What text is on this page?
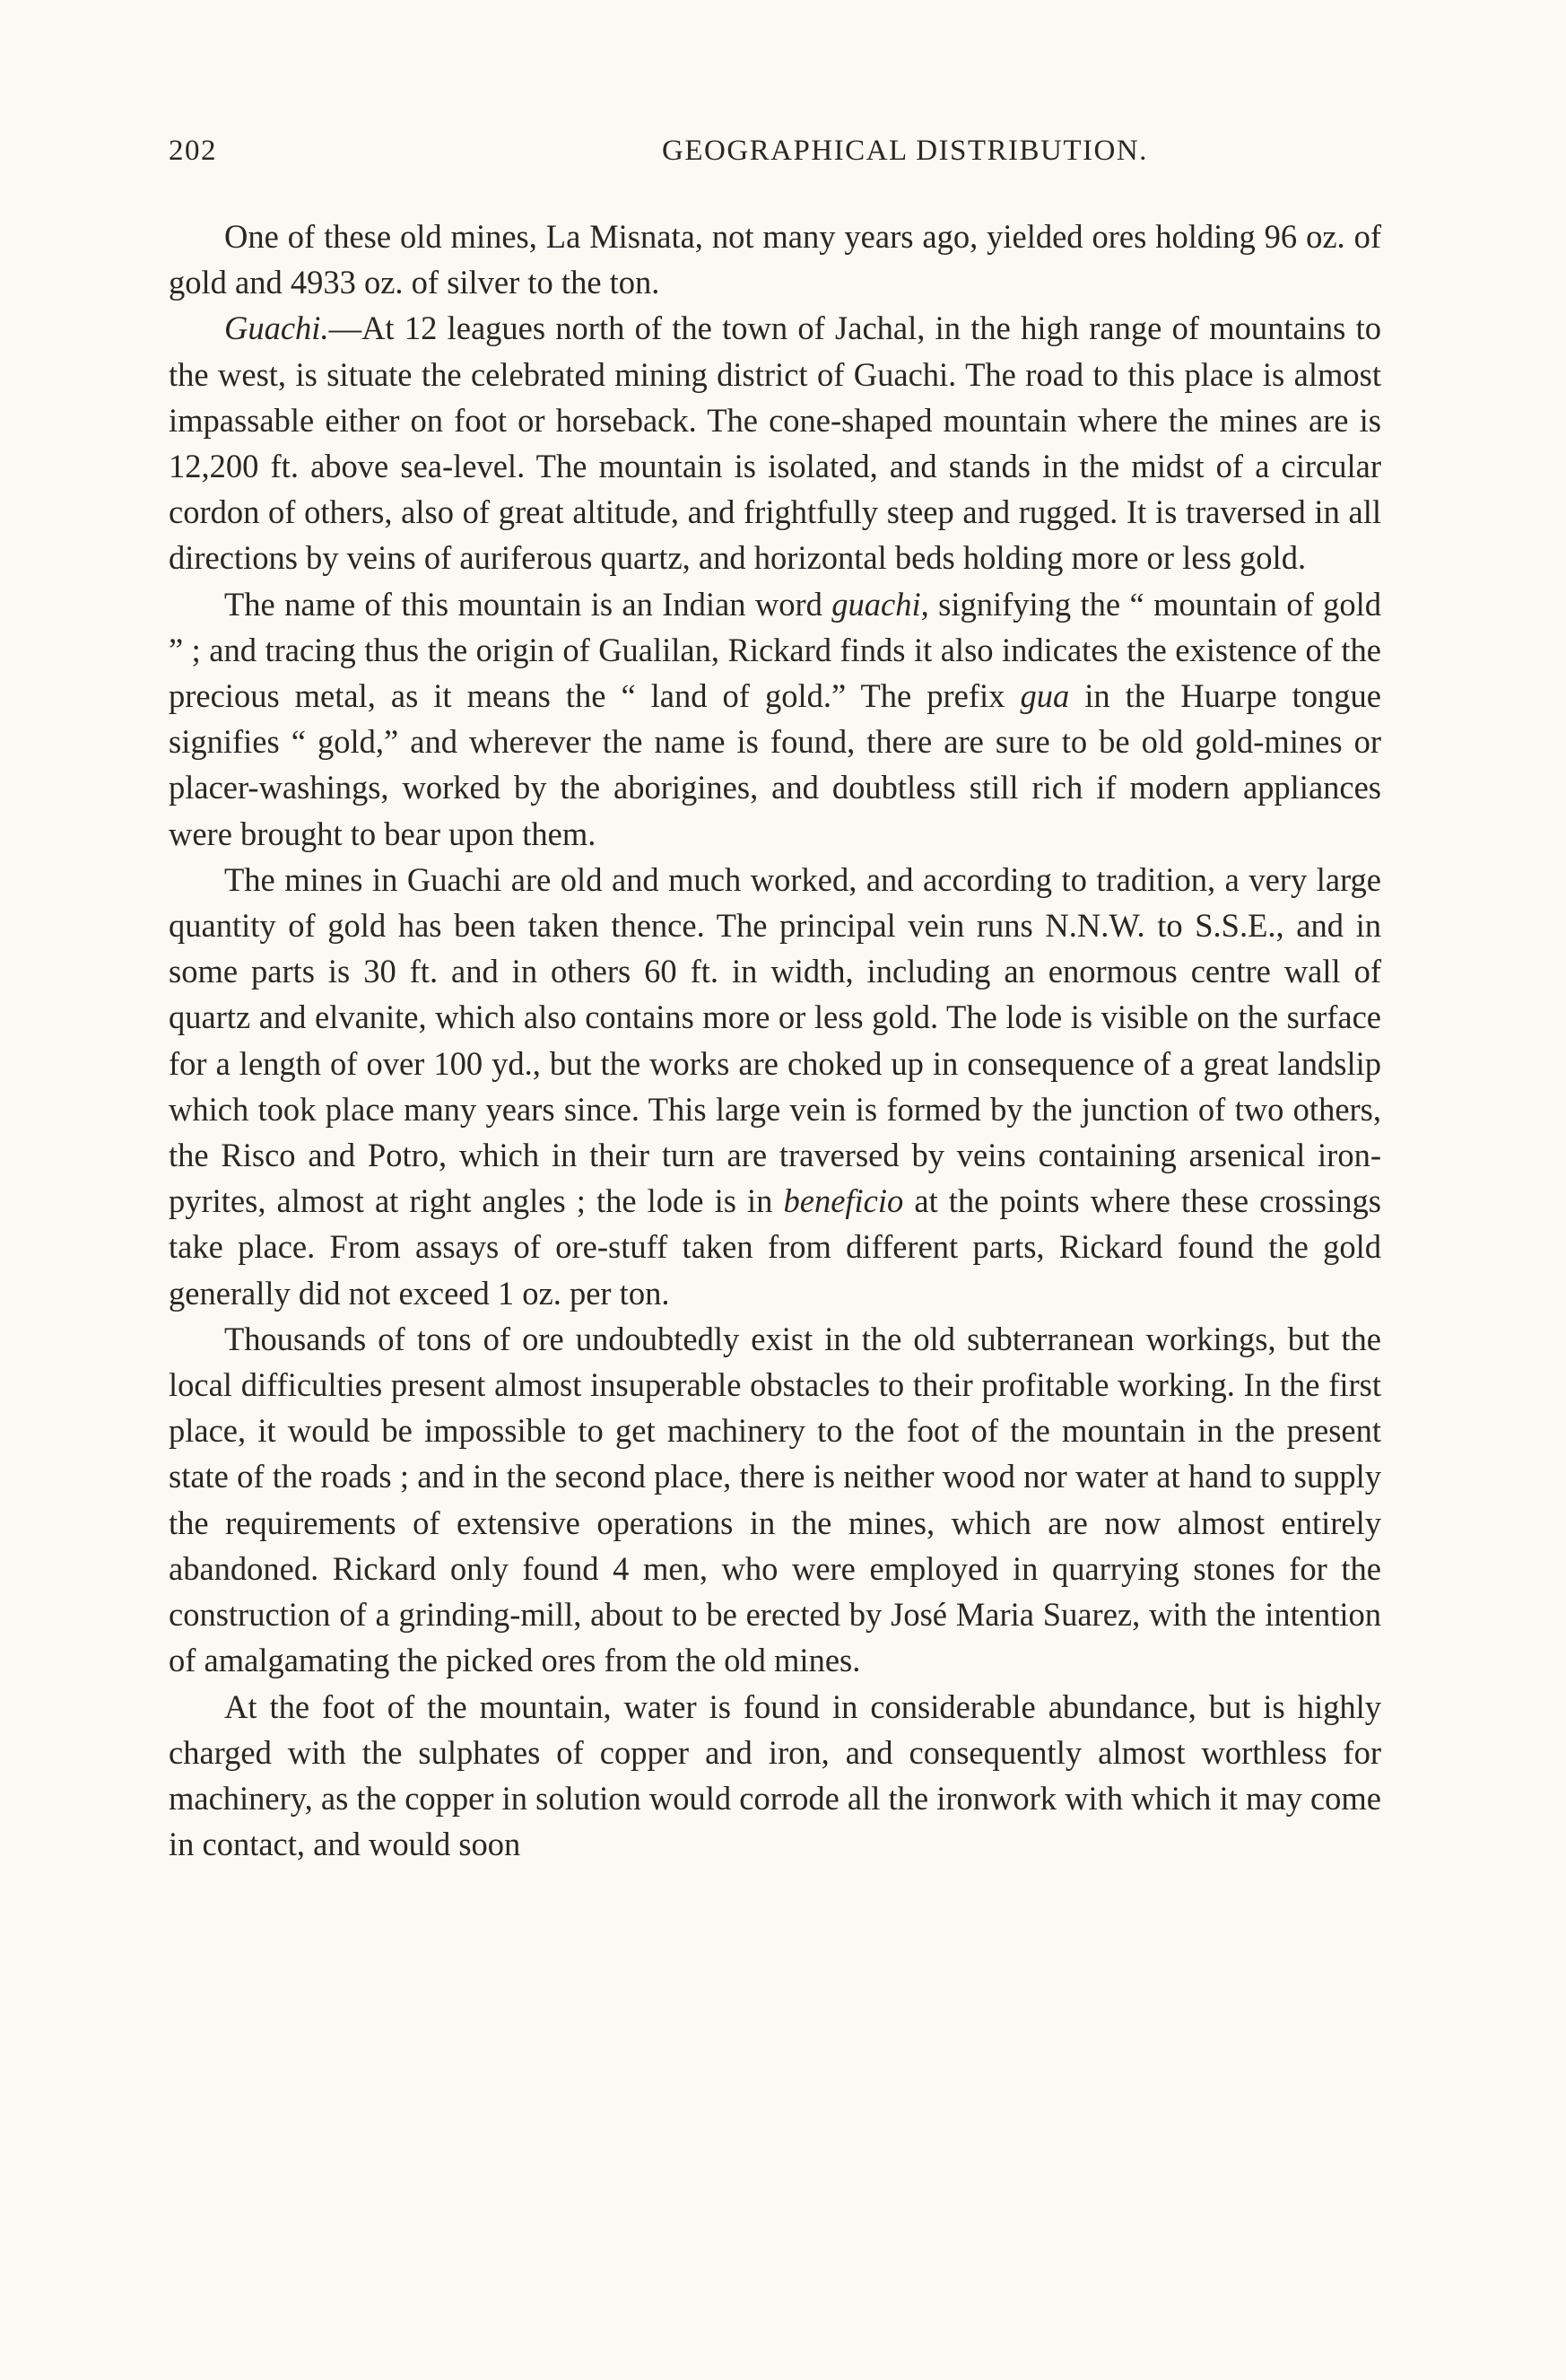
202	GEOGRAPHICAL DISTRIBUTION.

One of these old mines, La Misnata, not many years ago, yielded ores holding 96 oz. of gold and 4933 oz. of silver to the ton.

Guachi.—At 12 leagues north of the town of Jachal, in the high range of mountains to the west, is situate the celebrated mining district of Guachi. The road to this place is almost impassable either on foot or horseback. The cone-shaped mountain where the mines are is 12,200 ft. above sea-level. The mountain is isolated, and stands in the midst of a circular cordon of others, also of great altitude, and frightfully steep and rugged. It is traversed in all directions by veins of auriferous quartz, and horizontal beds holding more or less gold.

The name of this mountain is an Indian word guachi, signifying the “ mountain of gold ” ; and tracing thus the origin of Gualilan, Rickard finds it also indicates the existence of the precious metal, as it means the “ land of gold.” The prefix gua in the Huarpe tongue signifies “ gold,” and wherever the name is found, there are sure to be old gold-mines or placer-washings, worked by the aborigines, and doubtless still rich if modern appliances were brought to bear upon them.

The mines in Guachi are old and much worked, and according to tradition, a very large quantity of gold has been taken thence. The principal vein runs N.N.W. to S.S.E., and in some parts is 30 ft. and in others 60 ft. in width, including an enormous centre wall of quartz and elvanite, which also contains more or less gold. The lode is visible on the surface for a length of over 100 yd., but the works are choked up in consequence of a great landslip which took place many years since. This large vein is formed by the junction of two others, the Risco and Potro, which in their turn are traversed by veins containing arsenical iron-pyrites, almost at right angles ; the lode is in beneficio at the points where these crossings take place. From assays of ore-stuff taken from different parts, Rickard found the gold generally did not exceed 1 oz. per ton.

Thousands of tons of ore undoubtedly exist in the old subterranean workings, but the local difficulties present almost insuperable obstacles to their profitable working. In the first place, it would be impossible to get machinery to the foot of the mountain in the present state of the roads ; and in the second place, there is neither wood nor water at hand to supply the requirements of extensive operations in the mines, which are now almost entirely abandoned. Rickard only found 4 men, who were employed in quarrying stones for the construction of a grinding-mill, about to be erected by José Maria Suarez, with the intention of amalgamating the picked ores from the old mines.

At the foot of the mountain, water is found in considerable abundance, but is highly charged with the sulphates of copper and iron, and consequently almost worthless for machinery, as the copper in solution would corrode all the ironwork with which it may come in contact, and would soon
